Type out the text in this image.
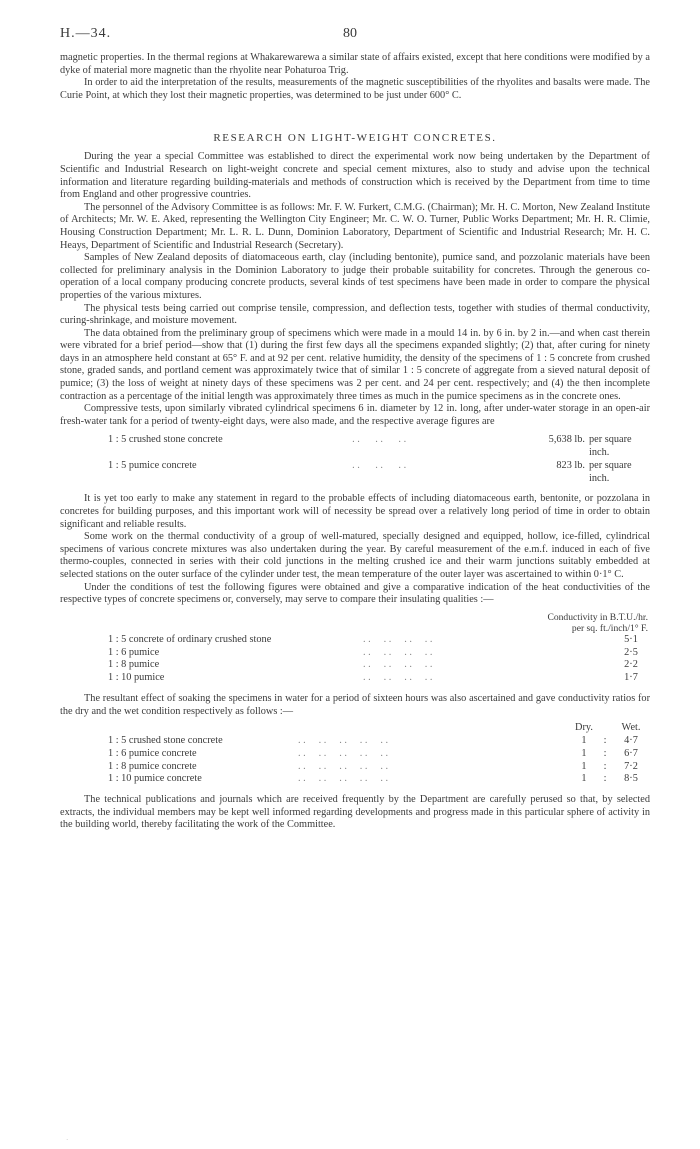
H.—34.	80

magnetic properties. In the thermal regions at Whakarewarewa a similar state of affairs existed, except that here conditions were modified by a dyke of material more magnetic than the rhyolite near Pohaturoa Trig.

In order to aid the interpretation of the results, measurements of the magnetic susceptibilities of the rhyolites and basalts were made. The Curie Point, at which they lost their magnetic properties, was determined to be just under 600° C.

RESEARCH ON LIGHT-WEIGHT CONCRETES.

During the year a special Committee was established to direct the experimental work now being undertaken by the Department of Scientific and Industrial Research on light-weight concrete and special cement mixtures, also to study and advise upon the technical information and literature regarding building-materials and methods of construction which is received by the Department from time to time from England and other progressive countries.

The personnel of the Advisory Committee is as follows: Mr. F. W. Furkert, C.M.G. (Chairman); Mr. H. C. Morton, New Zealand Institute of Architects; Mr. W. E. Aked, representing the Wellington City Engineer; Mr. C. W. O. Turner, Public Works Department; Mr. H. R. Climie, Housing Construction Department; Mr. L. R. L. Dunn, Dominion Laboratory, Department of Scientific and Industrial Research; Mr. H. C. Heays, Department of Scientific and Industrial Research (Secretary).

Samples of New Zealand deposits of diatomaceous earth, clay (including bentonite), pumice sand, and pozzolanic materials have been collected for preliminary analysis in the Dominion Laboratory to judge their probable suitability for concretes. Through the generous co-operation of a local company producing concrete products, several kinds of test specimens have been made in order to compare the physical properties of the various mixtures.

The physical tests being carried out comprise tensile, compression, and deflection tests, together with studies of thermal conductivity, curing-shrinkage, and moisture movement.

The data obtained from the preliminary group of specimens which were made in a mould 14 in. by 6 in. by 2 in.—and when cast therein were vibrated for a brief period—show that (1) during the first few days all the specimens expanded slightly; (2) that, after curing for ninety days in an atmosphere held constant at 65° F. and at 92 per cent. relative humidity, the density of the specimens of 1 : 5 concrete from crushed stone, graded sands, and portland cement was approximately twice that of similar 1 : 5 concrete of aggregate from a sieved natural deposit of pumice; (3) the loss of weight at ninety days of these specimens was 2 per cent. and 24 per cent. respectively; and (4) the then incomplete contraction as a percentage of the initial length was approximately three times as much in the pumice specimens as in the concrete ones.

Compressive tests, upon similarly vibrated cylindrical specimens 6 in. diameter by 12 in. long, after under-water storage in an open-air fresh-water tank for a period of twenty-eight days, were also made, and the respective average figures are

1 : 5 crushed stone concrete	. .      . .      . .	5,638 lb. per square inch.
1 : 5 pumice concrete	. .      . .      . .	823 lb. per square inch.

It is yet too early to make any statement in regard to the probable effects of including diatomaceous earth, bentonite, or pozzolana in concretes for building purposes, and this important work will of necessity be spread over a relatively long period of time in order to obtain significant and reliable results.

Some work on the thermal conductivity of a group of well-matured, specially designed and equipped, hollow, ice-filled, cylindrical specimens of various concrete mixtures was also undertaken during the year. By careful measurement of the e.m.f. induced in each of five thermo-couples, connected in series with their cold junctions in the melting crushed ice and their warm junctions suitably embedded at selected stations on the outer surface of the cylinder under test, the mean temperature of the outer layer was ascertained to within 0·1° C.

Under the conditions of test the following figures were obtained and give a comparative indication of the heat conductivities of the respective types of concrete specimens or, conversely, may serve to compare their insulating qualities :—

Conductivity in B.T.U./hr.
per sq. ft./inch/1° F.
1 : 5 concrete of ordinary crushed stone	. .     . .     . .     . .	5·1
1 : 6 pumice	. .     . .     . .     . .	2·5
1 : 8 pumice	. .     . .     . .     . .	2·2
1 : 10 pumice	. .     . .     . .     . .	1·7

The resultant effect of soaking the specimens in water for a period of sixteen hours was also ascertained and gave conductivity ratios for the dry and the wet condition respectively as follows :—

Dry.	Wet.
1 : 5 crushed stone concrete	. .     . .     . .     . .     . .	1	:	4·7
1 : 6 pumice concrete	. .     . .     . .     . .     . .	1	:	6·7
1 : 8 pumice concrete	. .     . .     . .     . .     . .	1	:	7·2
1 : 10 pumice concrete	. .     . .     . .     . .     . .	1	:	8·5

The technical publications and journals which are received frequently by the Department are carefully perused so that, by selected extracts, the individual members may be kept well informed regarding developments and progress made in this particular sphere of activity in the building world, thereby facilitating the work of the Committee.

·
